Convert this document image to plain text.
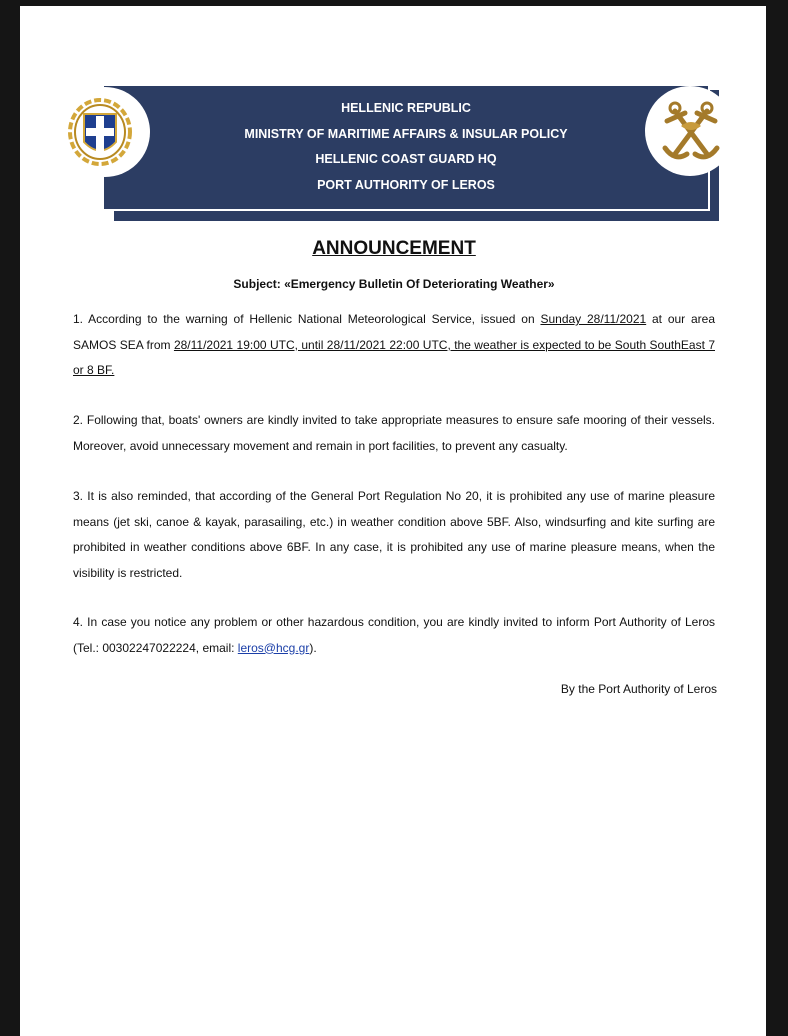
HELLENIC REPUBLIC
MINISTRY OF MARITIME AFFAIRS & INSULAR POLICY
HELLENIC COAST GUARD HQ
PORT AUTHORITY OF LEROS
ANNOUNCEMENT
Subject: «Emergency Bulletin Of Deteriorating Weather»
1. According to the warning of Hellenic National Meteorological Service, issued on Sunday 28/11/2021 at our area SAMOS SEA from 28/11/2021 19:00 UTC, until 28/11/2021 22:00 UTC, the weather is expected to be South SouthEast 7 or 8 BF.
2. Following that, boats' owners are kindly invited to take appropriate measures to ensure safe mooring of their vessels. Moreover, avoid unnecessary movement and remain in port facilities, to prevent any casualty.
3. It is also reminded, that according of the General Port Regulation No 20, it is prohibited any use of marine pleasure means (jet ski, canoe & kayak, parasailing, etc.) in weather condition above 5BF. Also, windsurfing and kite surfing are prohibited in weather conditions above 6BF. In any case, it is prohibited any use of marine pleasure means, when the visibility is restricted.
4. In case you notice any problem or other hazardous condition, you are kindly invited to inform Port Authority of Leros (Tel.: 00302247022224, email: leros@hcg.gr).
By the Port Authority of Leros
